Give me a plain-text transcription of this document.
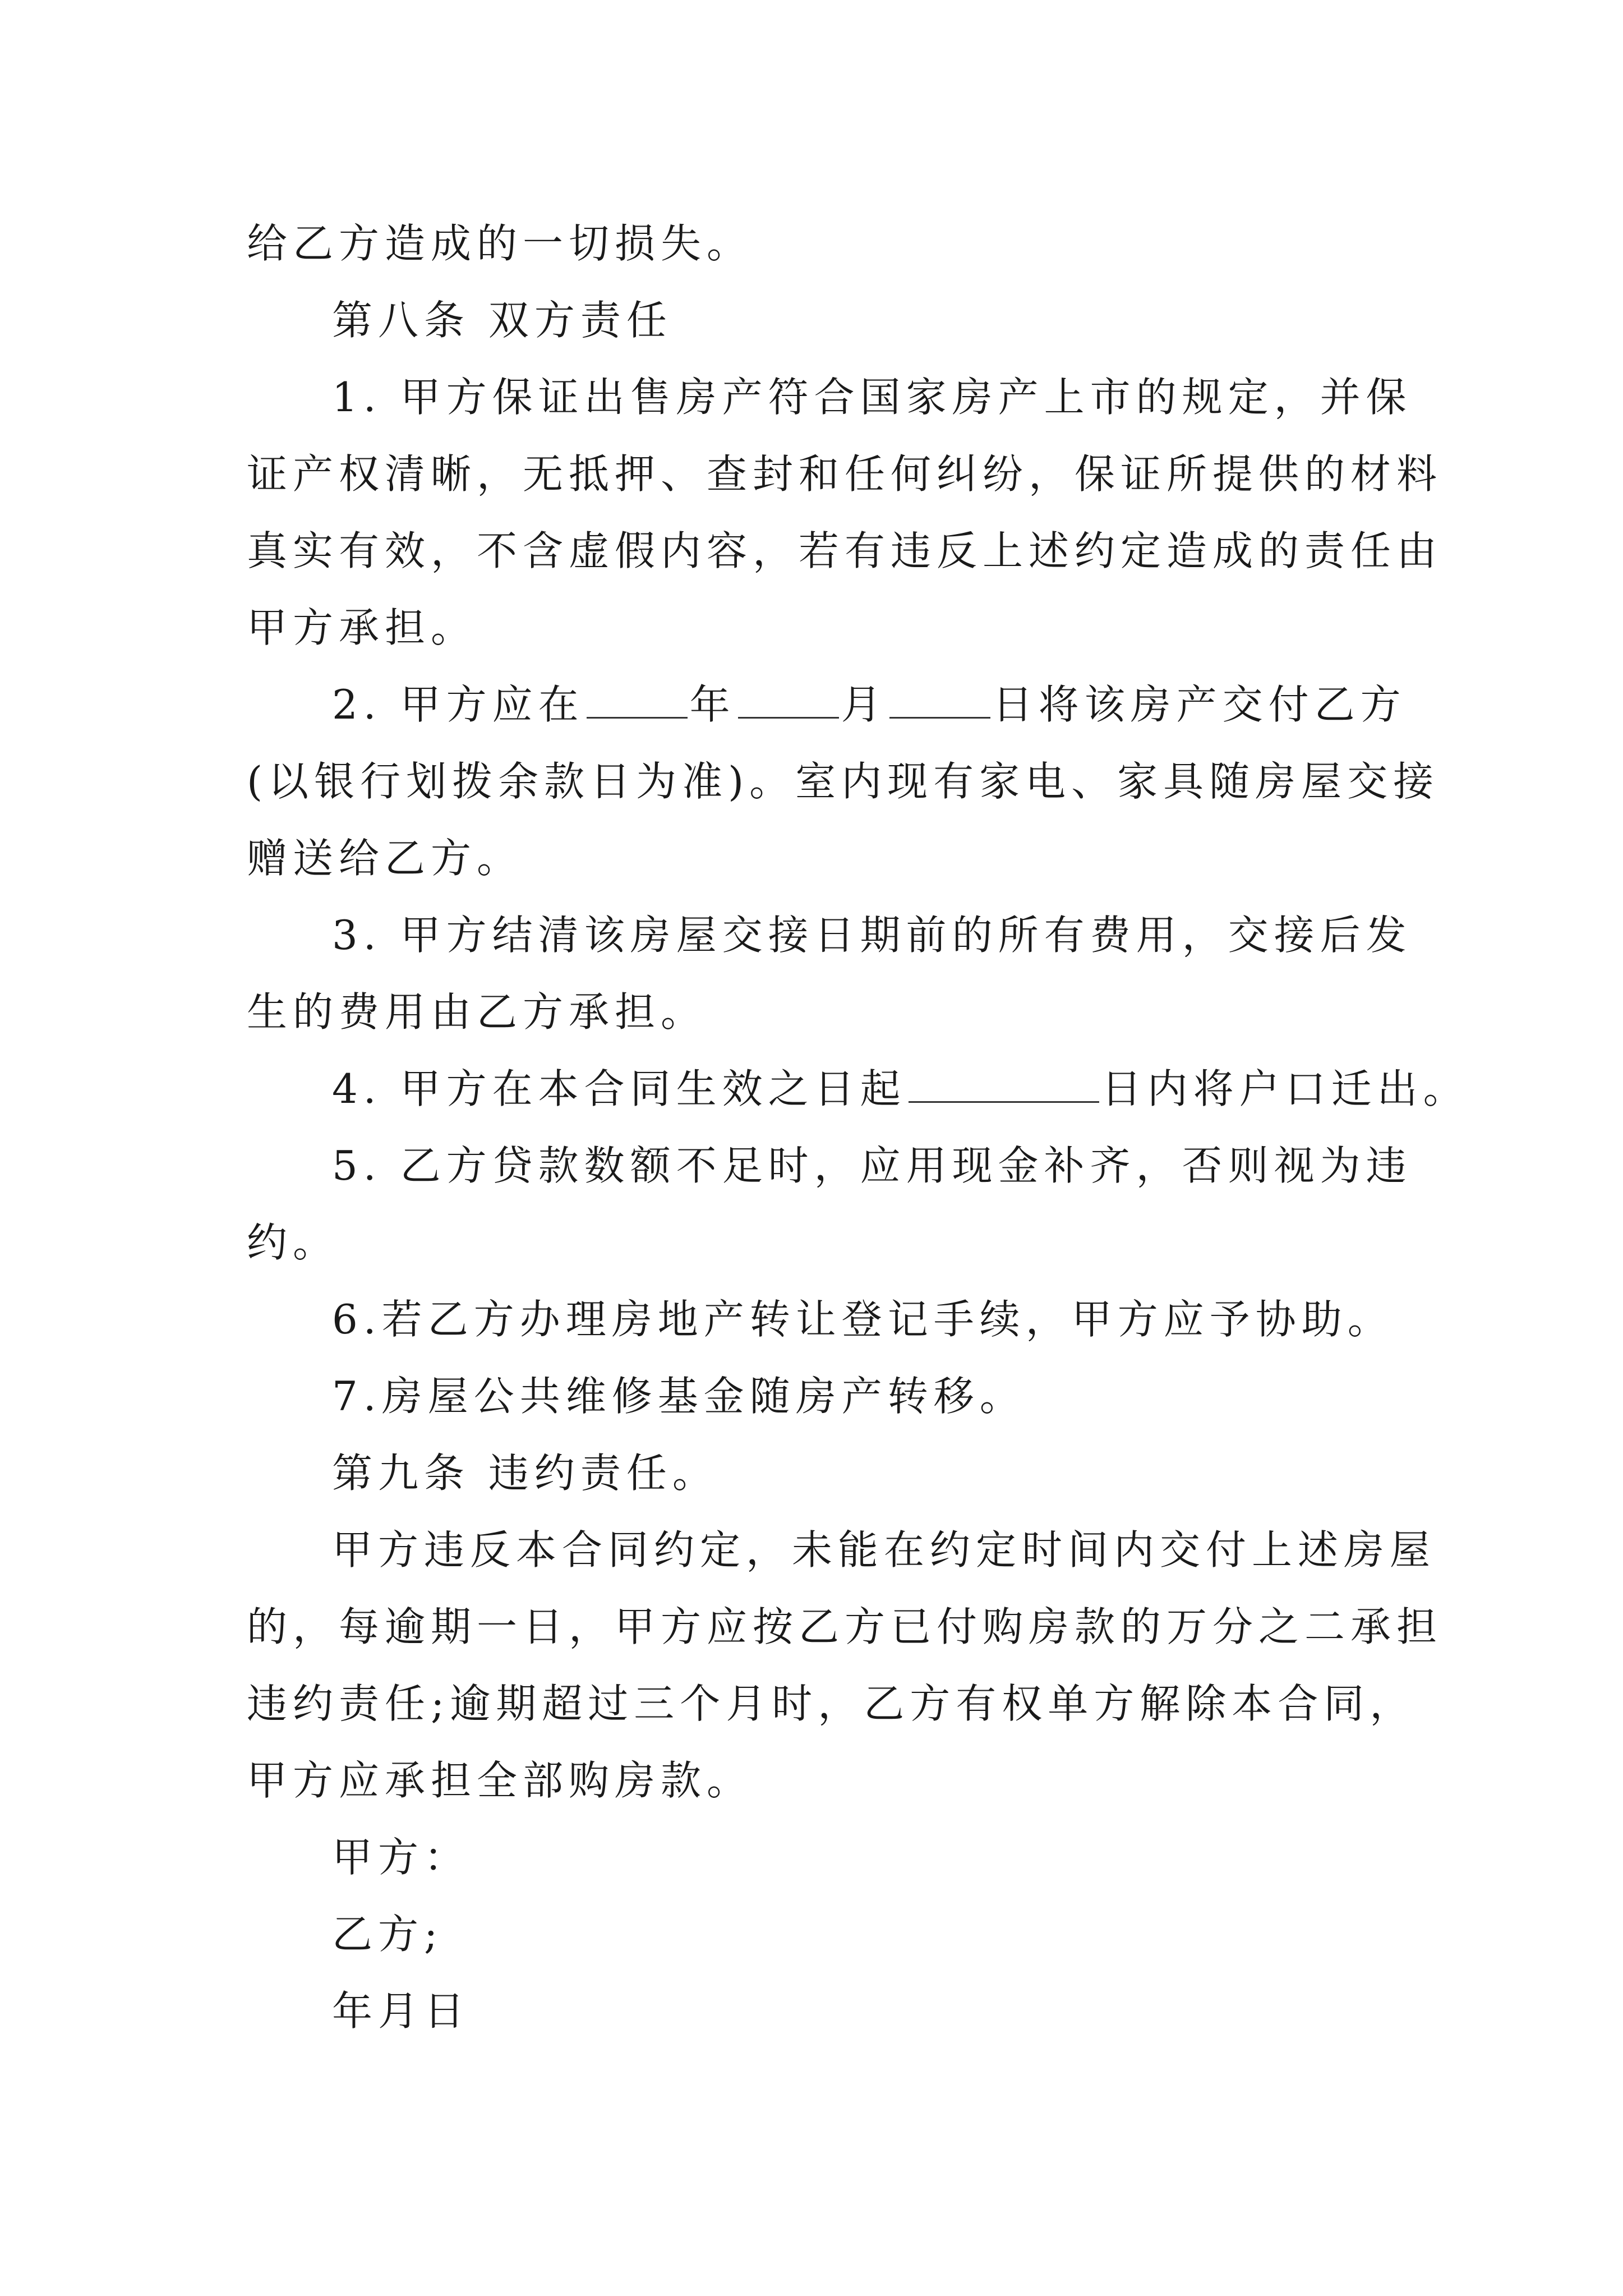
给乙方造成的一切损失。
第八条 双方责任
1. 甲方保证出售房产符合国家房产上市的规定，并保
证产权清晰，无抵押、查封和任何纠纷，保证所提供的材料
真实有效，不含虚假内容，若有违反上述约定造成的责任由
甲方承担。
2. 甲方应在	年	月	日将该房产交付乙方
(以银行划拨余款日为准)。室内现有家电、家具随房屋交接
赠送给乙方。
3. 甲方结清该房屋交接日期前的所有费用，交接后发
生的费用由乙方承担。
4. 甲方在本合同生效之日起	日内将户口迁出。
5. 乙方贷款数额不足时，应用现金补齐，否则视为违
约。
6.若乙方办理房地产转让登记手续，甲方应予协助。
7.房屋公共维修基金随房产转移。
第九条 违约责任。
甲方违反本合同约定，未能在约定时间内交付上述房屋
的，每逾期一日，甲方应按乙方已付购房款的万分之二承担
违约责任;逾期超过三个月时，乙方有权单方解除本合同，
甲方应承担全部购房款。
甲方：
乙方;
年月日
